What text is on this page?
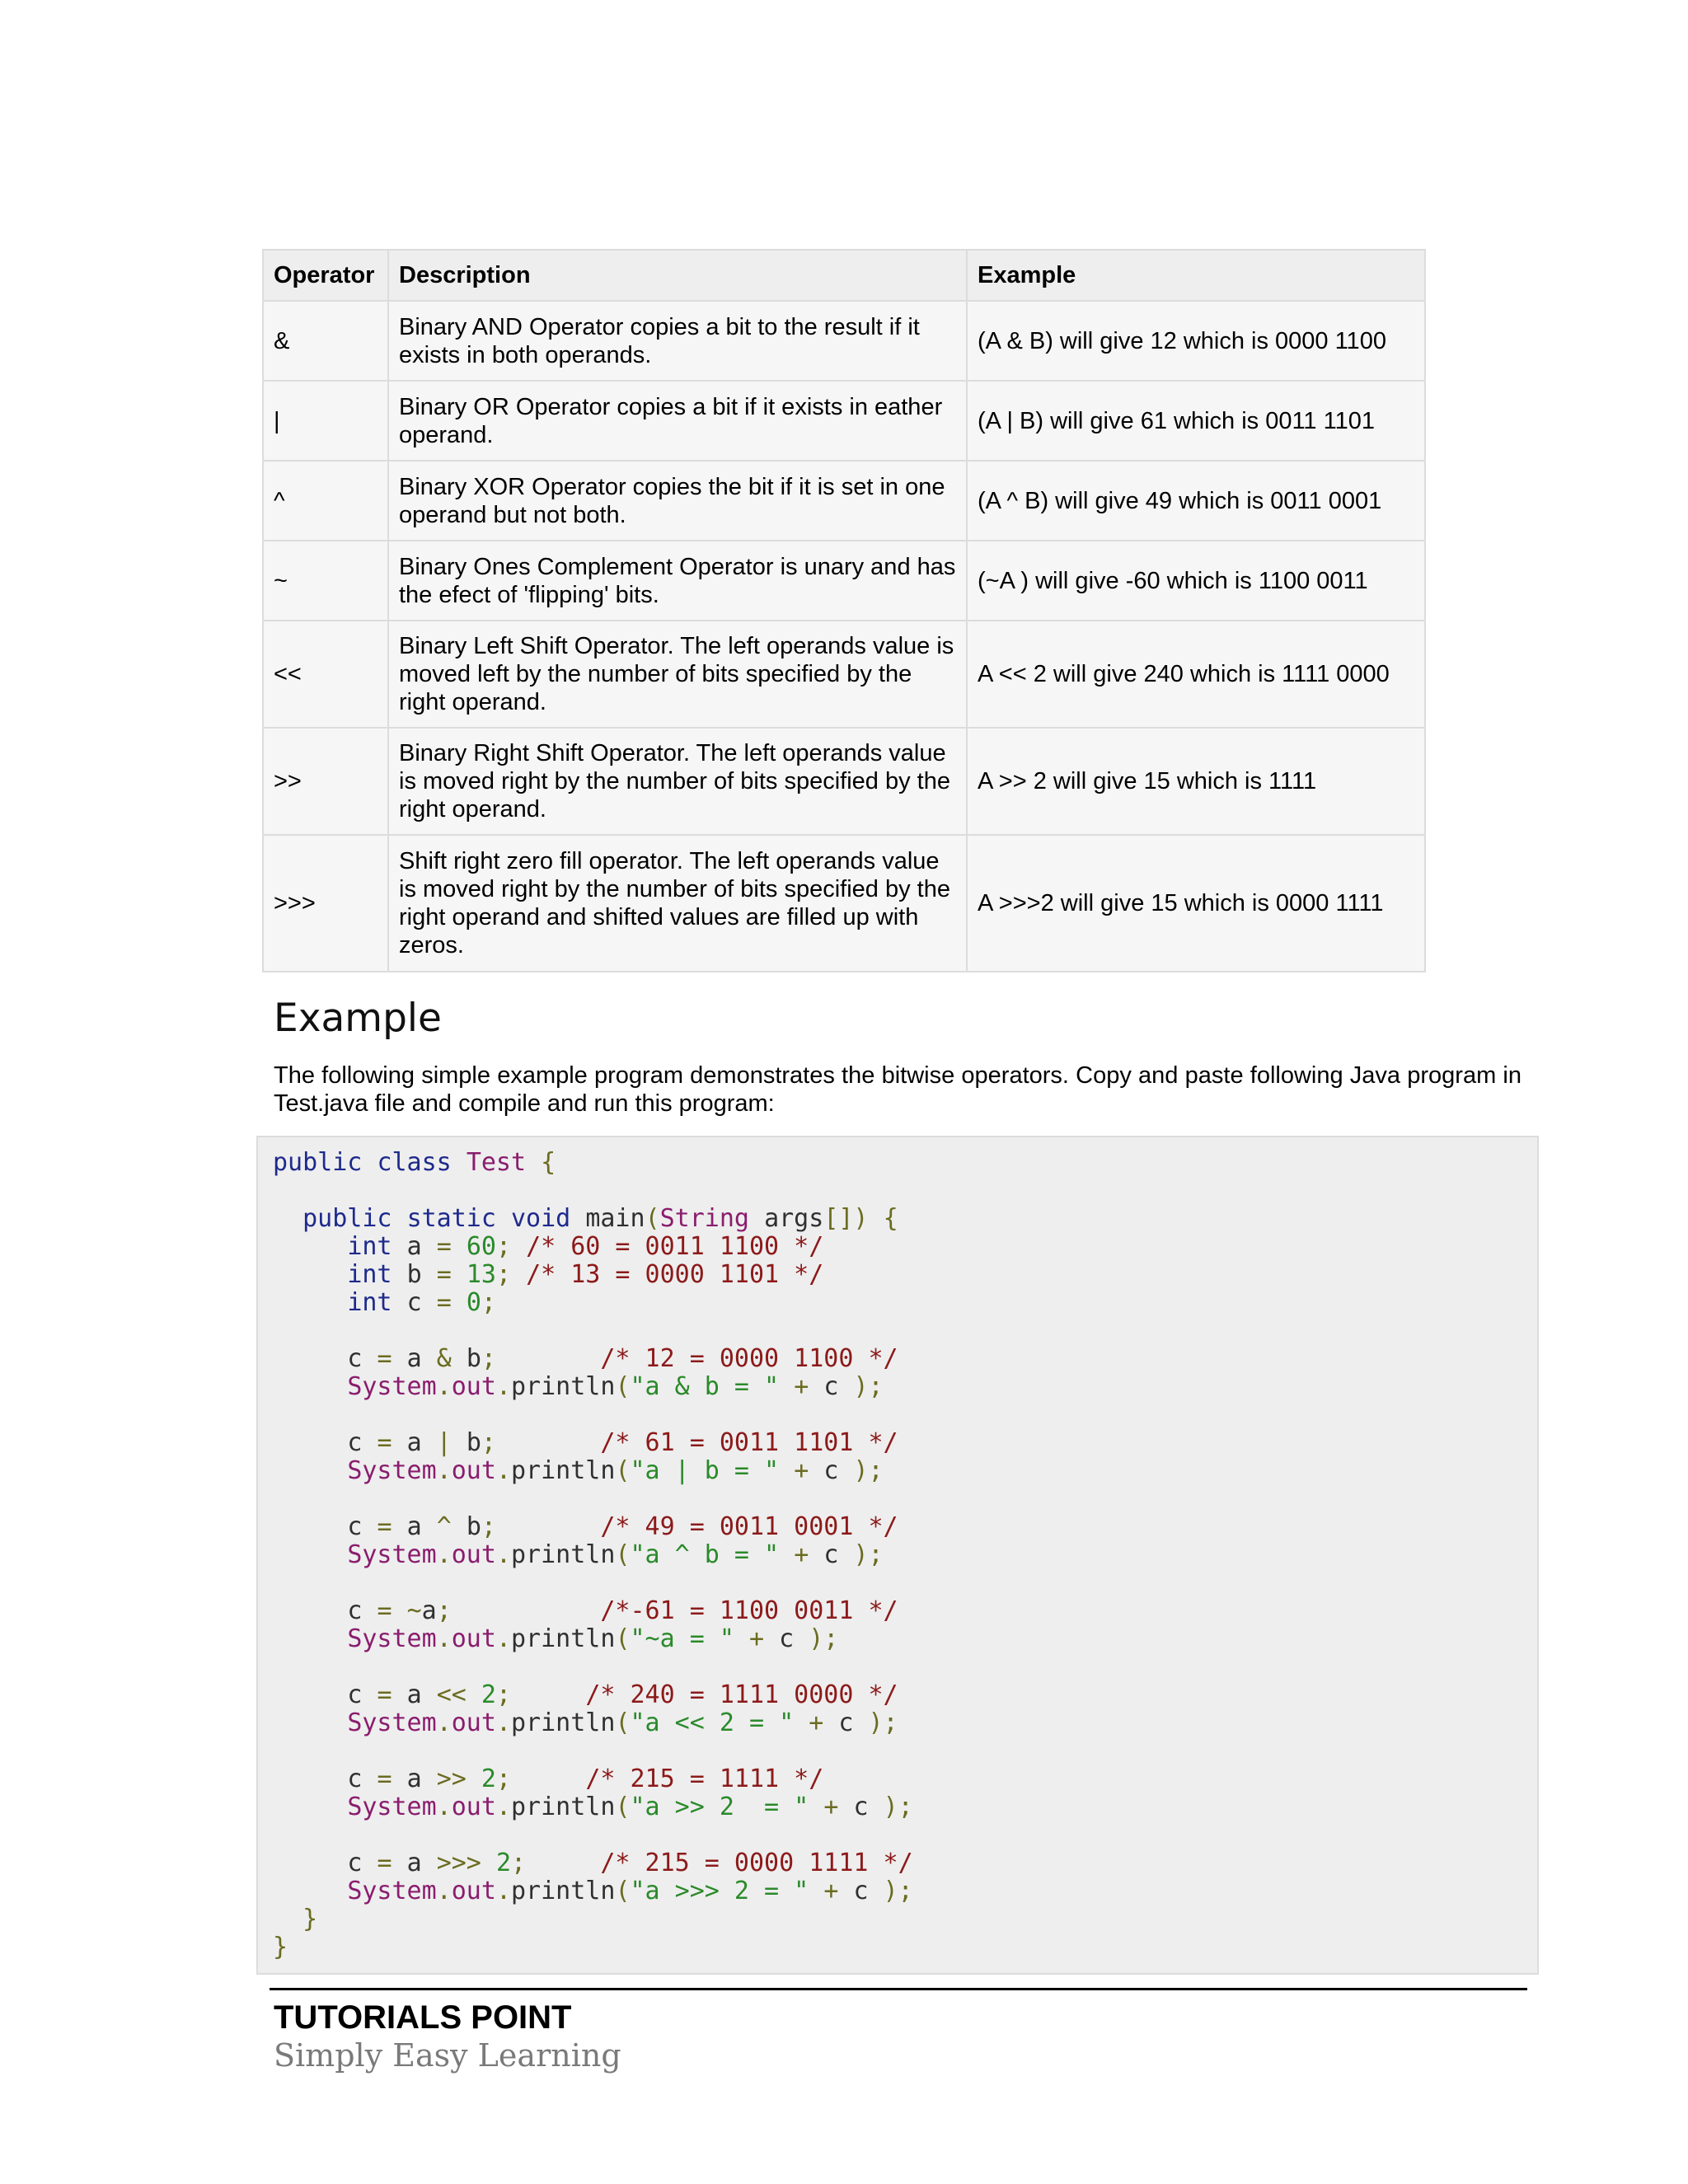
Operator	Description	Example
&	Binary AND Operator copies a bit to the result if it exists in both operands.	(A & B) will give 12 which is 0000 1100
|	Binary OR Operator copies a bit if it exists in eather operand.	(A | B) will give 61 which is 0011 1101
^	Binary XOR Operator copies the bit if it is set in one operand but not both.	(A ^ B) will give 49 which is 0011 0001
~	Binary Ones Complement Operator is unary and has the efect of 'flipping' bits.	(~A ) will give -60 which is 1100 0011
<<	Binary Left Shift Operator. The left operands value is moved left by the number of bits specified by the right operand.	A << 2 will give 240 which is 1111 0000
>>	Binary Right Shift Operator. The left operands value is moved right by the number of bits specified by the right operand.	A >> 2 will give 15 which is 1111
>>>	Shift right zero fill operator. The left operands value is moved right by the number of bits specified by the right operand and shifted values are filled up with zeros.	A >>>2 will give 15 which is 0000 1111
Example

The following simple example program demonstrates the bitwise operators. Copy and paste following Java program in Test.java file and compile and run this program:

public class Test {

public static void main(String args[]) {
int a = 60; /* 60 = 0011 1100 */
int b = 13; /* 13 = 0000 1101 */
int c = 0;

c = a & b;	/* 12 = 0000 1100 */
System.out.println("a & b = " + c );

c = a | b;	/* 61 = 0011 1101 */
System.out.println("a | b = " + c );

c = a ^ b;	/* 49 = 0011 0001 */
System.out.println("a ^ b = " + c );

c = ~a;	/*-61 = 1100 0011 */
System.out.println("~a = " + c );

c = a << 2;	/* 240 = 1111 0000 */
System.out.println("a << 2 = " + c );

c = a >> 2;	/* 215 = 1111 */
System.out.println("a >> 2  = " + c );

c = a >>> 2;	/* 215 = 0000 1111 */
System.out.println("a >>> 2 = " + c );
}
}
TUTORIALS POINT
Simply Easy Learning
